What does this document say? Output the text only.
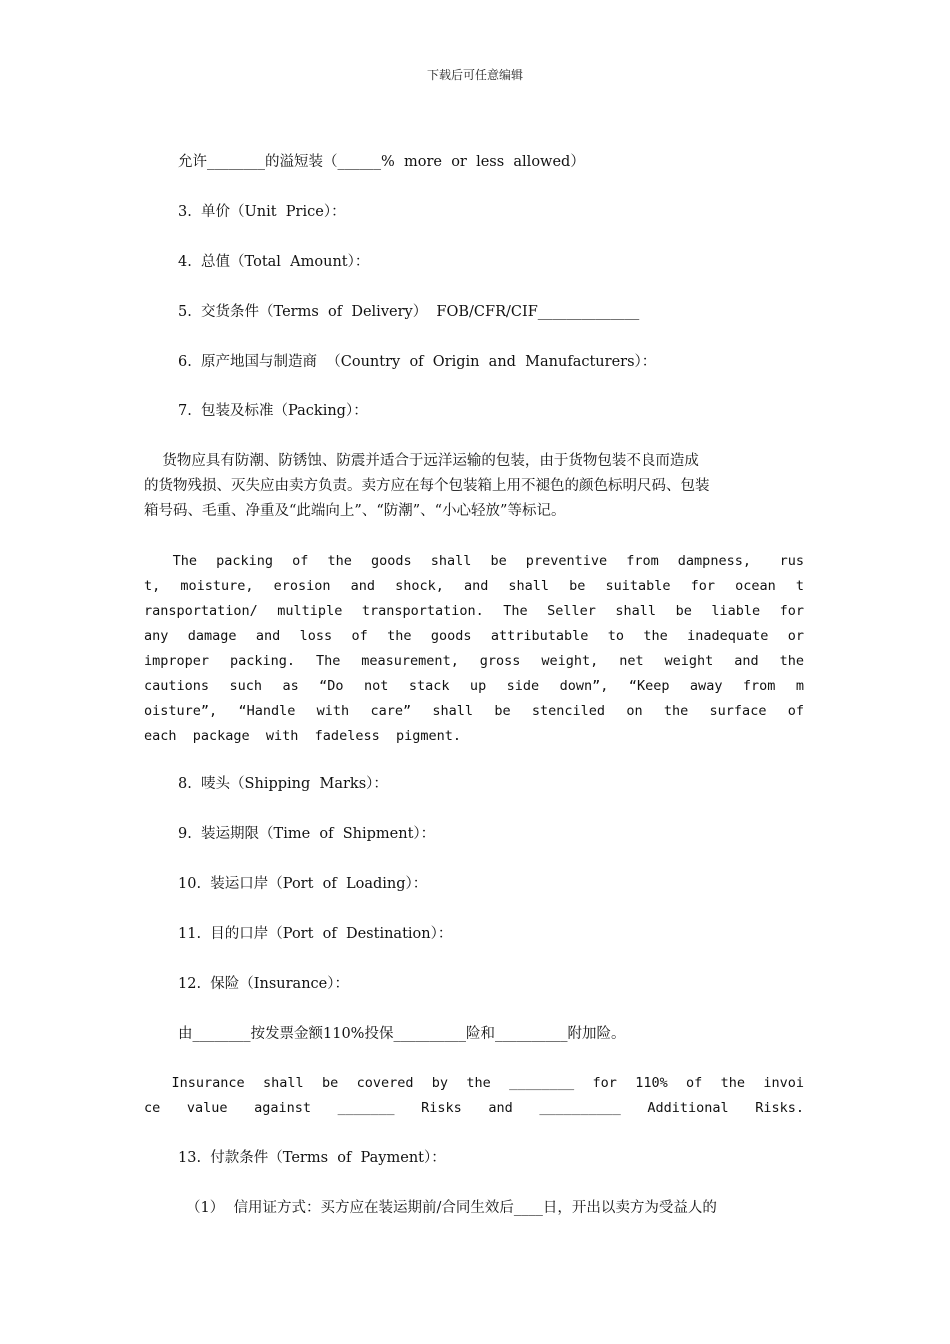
下载后可任意编辑
允许________的溢短装（______%  more  or  less  allowed）
3.  单价（Unit  Price）：
4.  总值（Total  Amount）：
5.  交货条件（Terms  of  Delivery）  FOB/CFR/CIF______________
6.  原产地国与制造商  （Country  of  Origin  and  Manufacturers）：
7.  包装及标准（Packing）：
货物应具有防潮、防锈蚀、防震并适合于远洋运输的包装，由于货物包装不良而造成
的货物残损、灭失应由卖方负责。卖方应在每个包装箱上用不褪色的颜色标明尺码、包装
箱号码、毛重、净重及“此端向上”、“防潮”、“小心轻放”等标记。
The  packing  of  the  goods  shall  be  preventive  from  dampness,   rus
t,  moisture,  erosion  and  shock,  and  shall  be  suitable  for  ocean  t
ransportation/  multiple  transportation.  The  Seller  shall  be  liable  for
any  damage  and  loss  of  the  goods  attributable  to  the  inadequate  or
improper  packing.  The  measurement,  gross  weight,  net  weight  and  the
cautions  such  as  “Do  not  stack  up  side  down”,  “Keep  away  from  m
oisture”,  “Handle  with  care”  shall  be  stenciled  on  the  surface  of
each  package  with  fadeless  pigment.
8.  唛头（Shipping  Marks）：
9.  装运期限（Time  of  Shipment）：
10.  装运口岸（Port  of  Loading）：
11.  目的口岸（Port  of  Destination）：
12.  保险（Insurance）：
由________按发票金额110%投保__________险和__________附加险。
Insurance  shall  be  covered  by  the  ________  for  110%  of  the  invoi
ce  value  against  _______  Risks  and  __________  Additional  Risks.
13.  付款条件（Terms  of  Payment）：
（1）  信用证方式：买方应在装运期前/合同生效后____日，开出以卖方为受益人的
